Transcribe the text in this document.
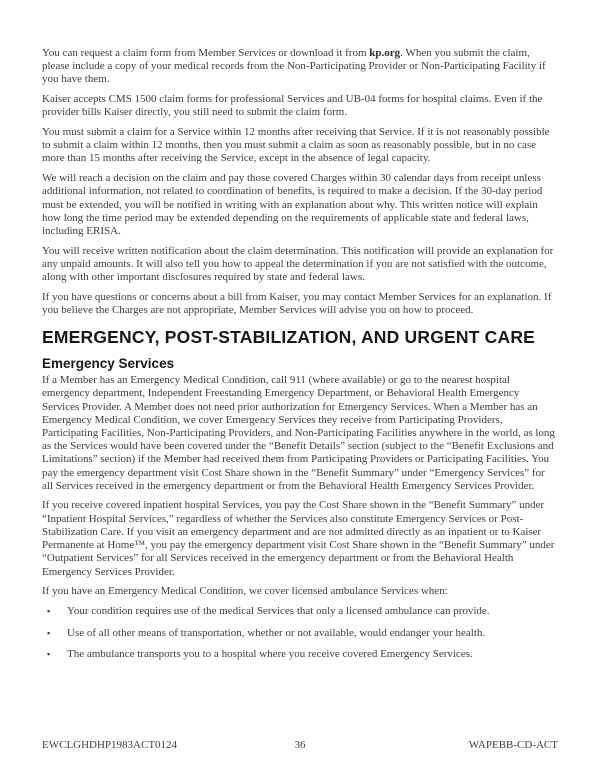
You can request a claim form from Member Services or download it from kp.org. When you submit the claim, please include a copy of your medical records from the Non-Participating Provider or Non-Participating Facility if you have them.

Kaiser accepts CMS 1500 claim forms for professional Services and UB-04 forms for hospital claims. Even if the provider bills Kaiser directly, you still need to submit the claim form.

You must submit a claim for a Service within 12 months after receiving that Service. If it is not reasonably possible to submit a claim within 12 months, then you must submit a claim as soon as reasonably possible, but in no case more than 15 months after receiving the Service, except in the absence of legal capacity.

We will reach a decision on the claim and pay those covered Charges within 30 calendar days from receipt unless additional information, not related to coordination of benefits, is required to make a decision. If the 30-day period must be extended, you will be notified in writing with an explanation about why. This written notice will explain how long the time period may be extended depending on the requirements of applicable state and federal laws, including ERISA.

You will receive written notification about the claim determination. This notification will provide an explanation for any unpaid amounts. It will also tell you how to appeal the determination if you are not satisfied with the outcome, along with other important disclosures required by state and federal laws.

If you have questions or concerns about a bill from Kaiser, you may contact Member Services for an explanation. If you believe the Charges are not appropriate, Member Services will advise you on how to proceed.

EMERGENCY, POST-STABILIZATION, AND URGENT CARE
Emergency Services

If a Member has an Emergency Medical Condition, call 911 (where available) or go to the nearest hospital emergency department, Independent Freestanding Emergency Department, or Behavioral Health Emergency Services Provider. A Member does not need prior authorization for Emergency Services. When a Member has an Emergency Medical Condition, we cover Emergency Services they receive from Participating Providers, Participating Facilities, Non-Participating Providers, and Non-Participating Facilities anywhere in the world, as long as the Services would have been covered under the “Benefit Details” section (subject to the “Benefit Exclusions and Limitations” section) if the Member had received them from Participating Providers or Participating Facilities. You pay the emergency department visit Cost Share shown in the “Benefit Summary” under “Emergency Services” for all Services received in the emergency department or from the Behavioral Health Emergency Services Provider.

If you receive covered inpatient hospital Services, you pay the Cost Share shown in the “Benefit Summary” under “Inpatient Hospital Services,” regardless of whether the Services also constitute Emergency Services or Post-Stabilization Care. If you visit an emergency department and are not admitted directly as an inpatient or to Kaiser Permanente at Home™, you pay the emergency department visit Cost Share shown in the “Benefit Summary” under “Outpatient Services” for all Services received in the emergency department or from the Behavioral Health Emergency Services Provider.

If you have an Emergency Medical Condition, we cover licensed ambulance Services when:

▪ Your condition requires use of the medical Services that only a licensed ambulance can provide.
▪ Use of all other means of transportation, whether or not available, would endanger your health.
▪ The ambulance transports you to a hospital where you receive covered Emergency Services.
EWCLGHDHP1983ACT0124	36	WAPEBB-CD-ACT
